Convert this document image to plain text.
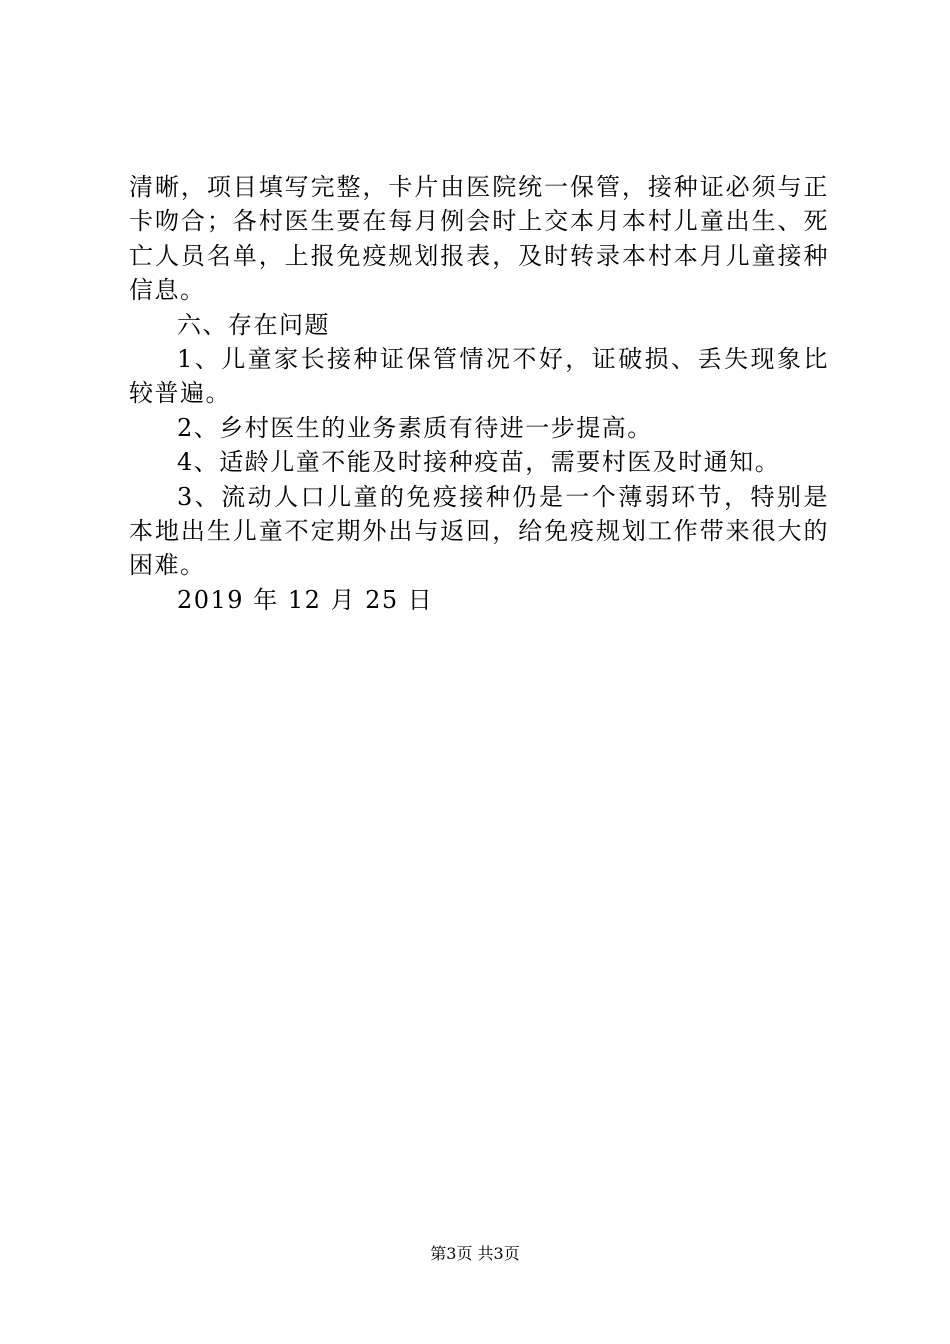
清晰，项目填写完整，卡片由医院统一保管，接种证必须与正卡吻合；各村医生要在每月例会时上交本月本村儿童出生、死亡人员名单，上报免疫规划报表，及时转录本村本月儿童接种信息。

六、存在问题

1、儿童家长接种证保管情况不好，证破损、丢失现象比较普遍。

2、乡村医生的业务素质有待进一步提高。

4、适龄儿童不能及时接种疫苗，需要村医及时通知。

3、流动人口儿童的免疫接种仍是一个薄弱环节，特别是本地出生儿童不定期外出与返回，给免疫规划工作带来很大的困难。

2019 年 12 月 25 日

第3页 共3页
